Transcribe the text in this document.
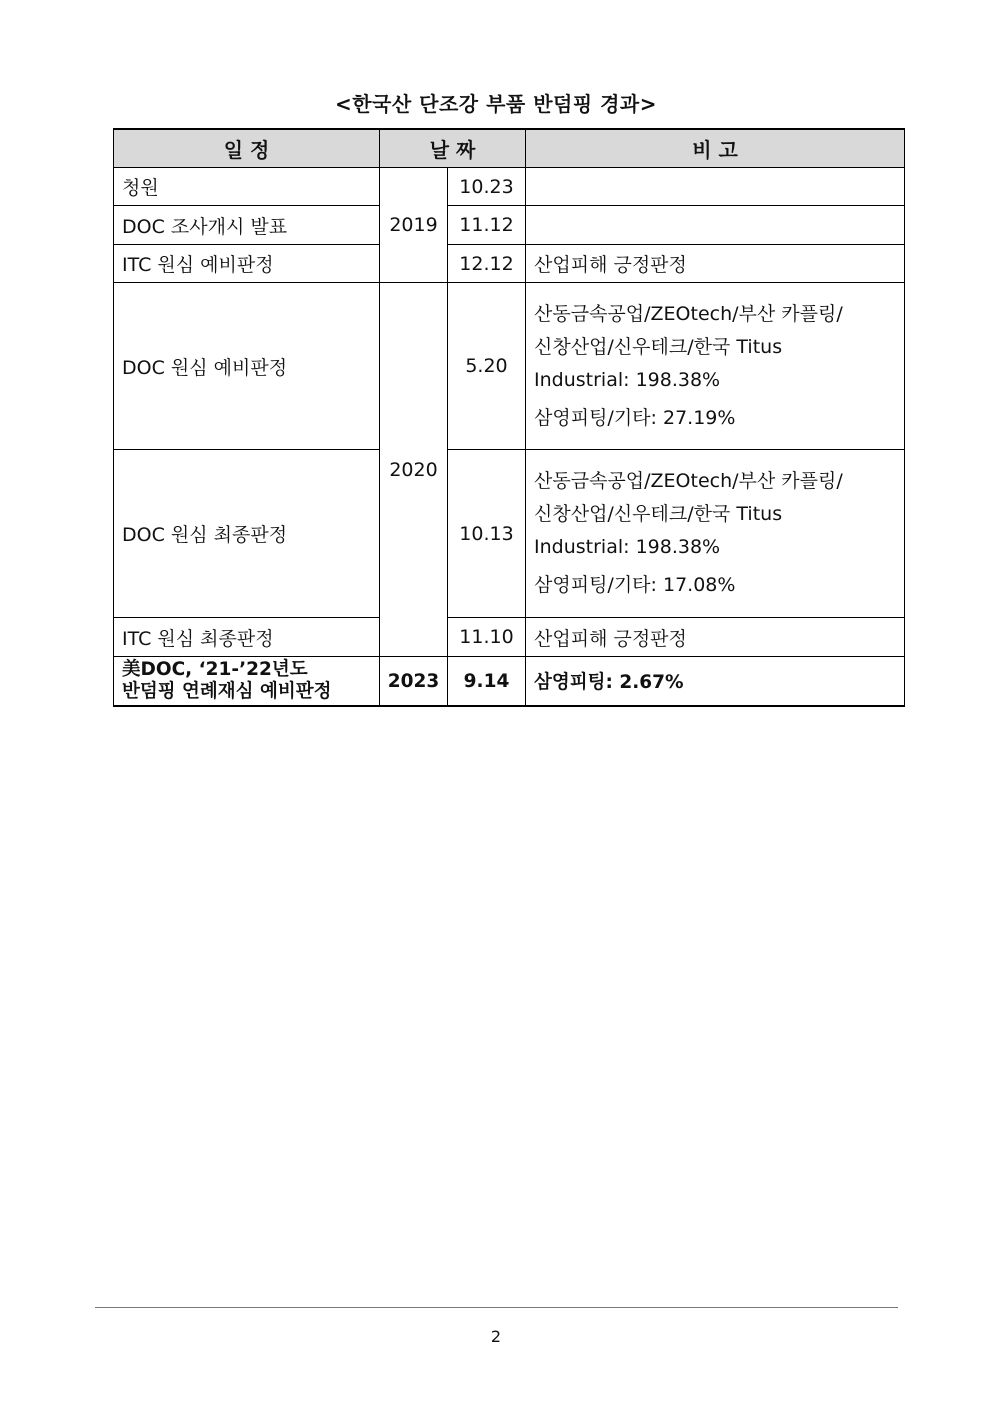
<한국산 단조강 부품 반덤핑 경과>
일 정	날 짜		비 고
청원	2019	10.23	
DOC 조사개시 발표		11.12	
ITC 원심 예비판정		12.12	산업피해 긍정판정
DOC 원심 예비판정	2020	5.20	산동금속공업/ZEOtech/부산 카플링/
신창산업/신우테크/한국 Titus
Industrial: 198.38%
삼영피팅/기타: 27.19%

DOC 원심 최종판정		10.13	산동금속공업/ZEOtech/부산 카플링/
신창산업/신우테크/한국 Titus
Industrial: 198.38%
삼영피팅/기타: 17.08%

ITC 원심 최종판정		11.10	산업피해 긍정판정

美DOC, ‘21-’22년도
반덤핑 연례재심 예비판정	2023	9.14	삼영피팅: 2.67%
2
